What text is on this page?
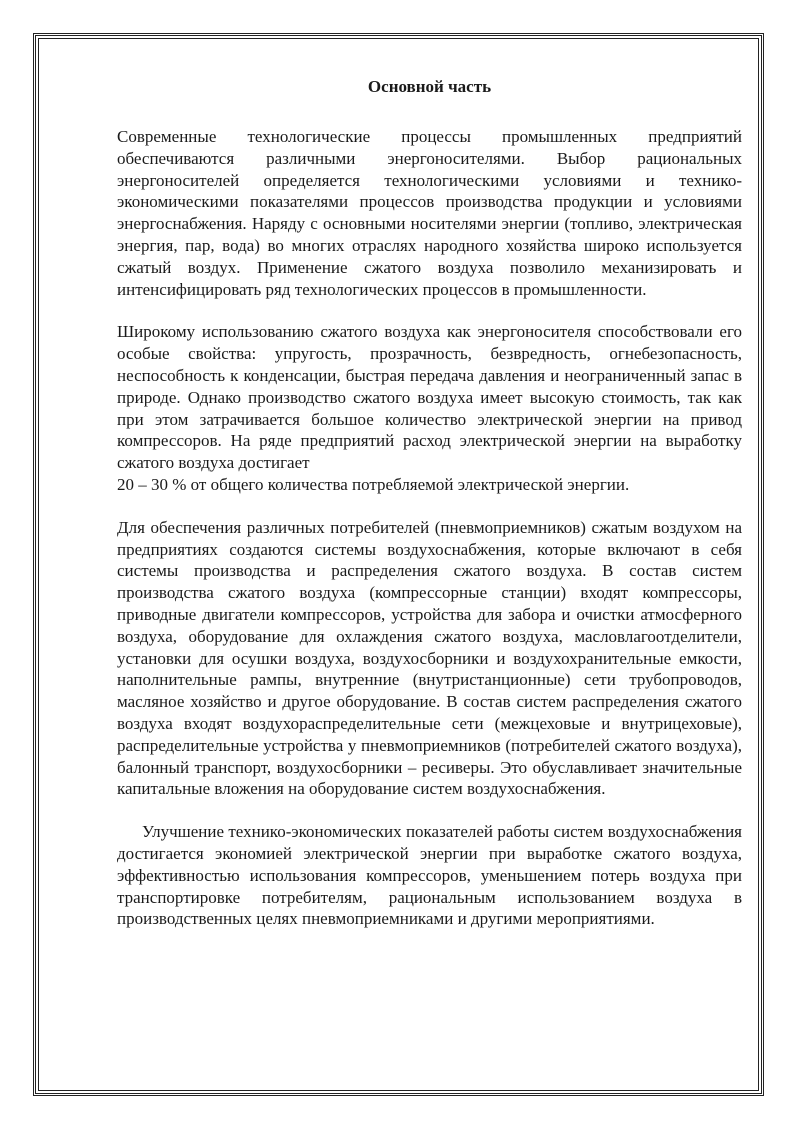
Основной часть

Современные технологические процессы промышленных предприятий обеспечиваются различными энергоносителями. Выбор рациональных энергоносителей определяется технологическими условиями и технико-экономическими показателями процессов производства продукции и условиями энергоснабжения. Наряду с основными носителями энергии (топливо, электрическая энергия, пар, вода) во многих отраслях народного хозяйства широко используется сжатый воздух. Применение сжатого воздуха позволило механизировать и интенсифицировать ряд технологических процессов в промышленности.

Широкому использованию сжатого воздуха как энергоносителя способствовали его особые свойства: упругость, прозрачность, безвредность, огнебезопасность, неспособность к конденсации, быстрая передача давления и неограниченный запас в природе. Однако производство сжатого воздуха имеет высокую стоимость, так как при этом затрачивается большое количество электрической энергии на привод компрессоров. На ряде предприятий расход электрической энергии на выработку сжатого воздуха достигает

20 – 30 % от общего количества потребляемой электрической энергии.

Для обеспечения различных потребителей (пневмоприемников) сжатым воздухом на предприятиях создаются системы воздухоснабжения, которые включают в себя системы производства и распределения сжатого воздуха. В состав систем производства сжатого воздуха (компрессорные станции) входят компрессоры, приводные двигатели компрессоров, устройства для забора и очистки атмосферного воздуха, оборудование для охлаждения сжатого воздуха, масловлагоотделители, установки для осушки воздуха, воздухосборники и воздухохранительные емкости, наполнительные рампы, внутренние (внутристанционные) сети трубопроводов, масляное хозяйство и другое оборудование. В состав систем распределения сжатого воздуха входят воздухораспределительные сети (межцеховые и внутрицеховые), распределительные устройства у пневмоприемников (потребителей сжатого воздуха), балонный транспорт, воздухосборники – ресиверы. Это обуславливает значительные капитальные вложения на оборудование систем воздухоснабжения.

Улучшение технико-экономических показателей работы систем воздухоснабжения достигается экономией электрической энергии при выработке сжатого воздуха, эффективностью использования компрессоров, уменьшением потерь воздуха при транспортировке потребителям, рациональным использованием воздуха в производственных целях пневмоприемниками и другими мероприятиями.
